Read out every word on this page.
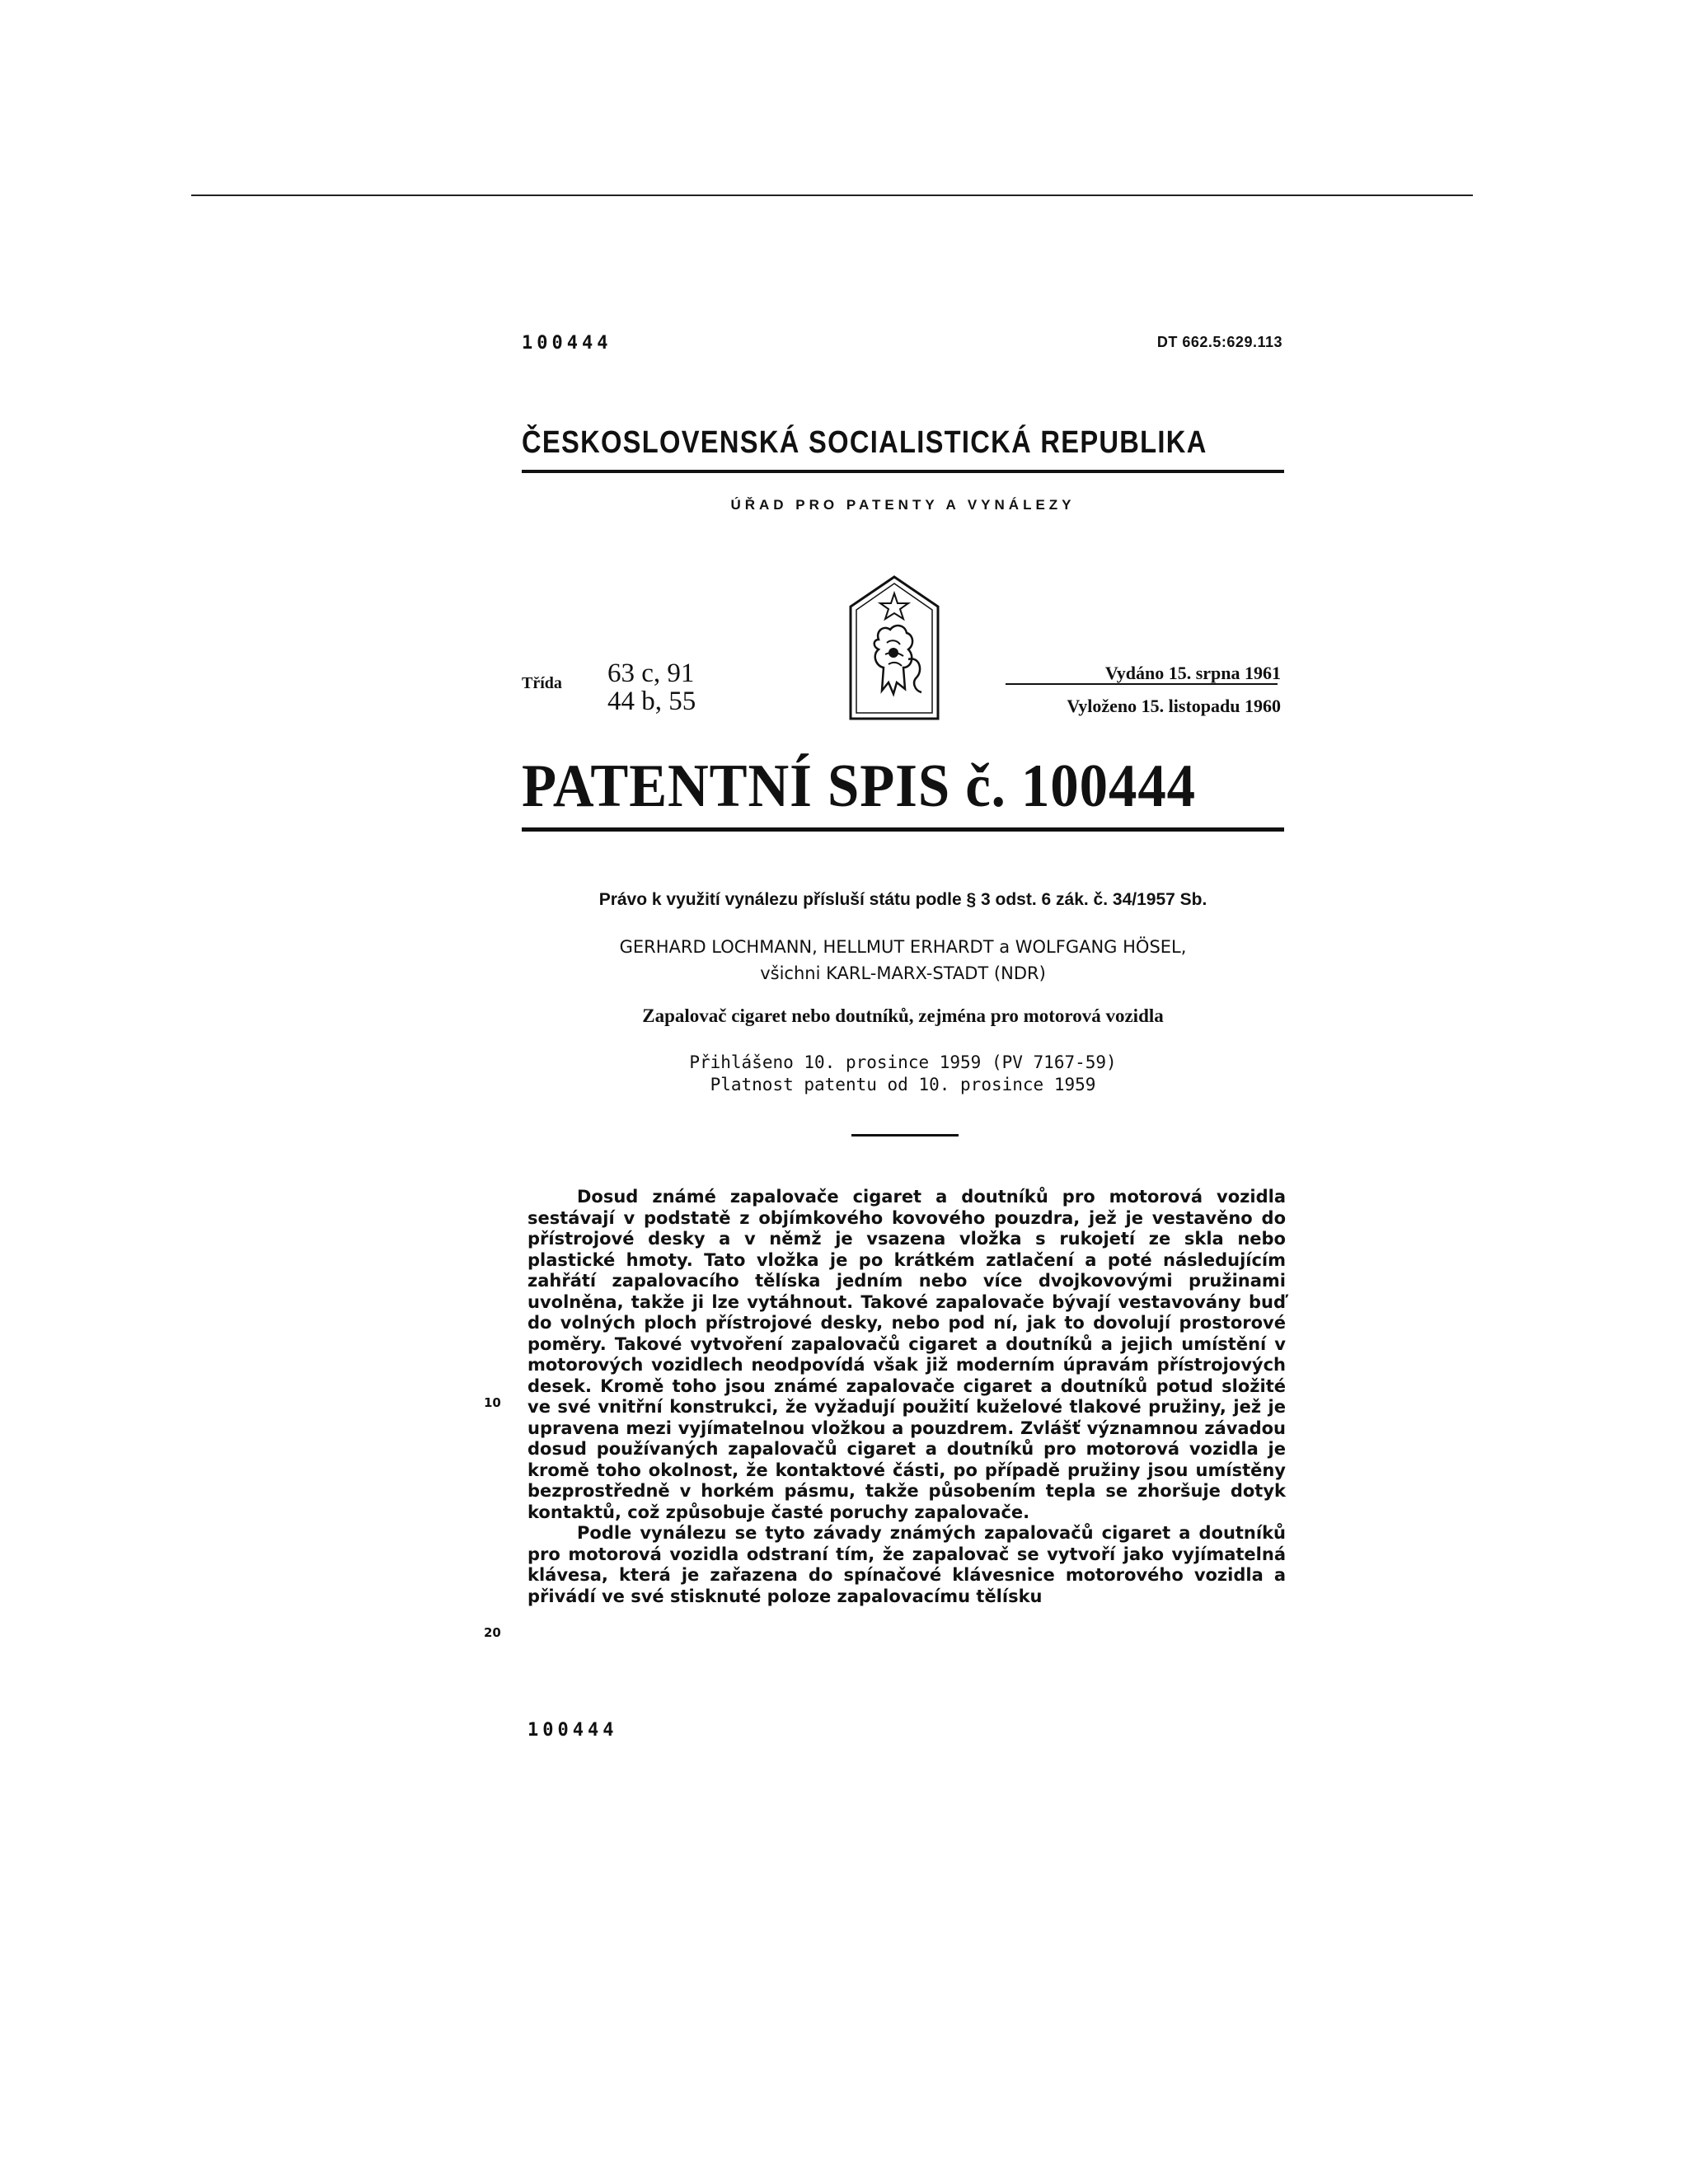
100444	DT 662.5:629.113
ČESKOSLOVENSKÁ SOCIALISTICKÁ REPUBLIKA
ÚŘAD PRO PATENTY A VYNÁLEZY
Třída 63 c, 91
44 b, 55
Vydáno 15. srpna 1961
Vyloženo 15. listopadu 1960
PATENTNÍ SPIS č. 100444
Právo k využití vynálezu přísluší státu podle § 3 odst. 6 zák. č. 34/1957 Sb.
GERHARD LOCHMANN, HELLMUT ERHARDT a WOLFGANG HÖSEL,
všichni KARL-MARX-STADT (NDR)
Zapalovač cigaret nebo doutníků, zejména pro motorová vozidla
Přihlášeno 10. prosince 1959 (PV 7167-59)
Platnost patentu od 10. prosince 1959

Dosud známé zapalovače cigaret a doutníků pro motorová vozidla sestávají v podstatě z objímkového kovového pouzdra, jež je vestavěno do přístrojové desky a v němž je vsazena vložka s rukojetí ze skla nebo plastické hmoty. Tato vložka je po krátkém zatlačení a poté následujícím zahřátí zapalovacího tělíska jedním nebo více dvojkovovými pružinami uvolněna, takže ji lze vytáhnout. Takové zapalovače bývají vestavovány buď do volných ploch přístrojové desky, nebo pod ní, jak to dovolují prostorové poměry. Takové vytvoření zapalovačů cigaret a doutníků a jejich umístění v motorových vozidlech neodpovídá však již moderním úpravám přístrojových desek. Kromě toho jsou známé zapalovače cigaret a doutníků potud složité ve své vnitřní konstrukci, že vyžadují použití kuželové tlakové pružiny, jež je upravena mezi vyjímatelnou vložkou a pouzdrem. Zvlášť významnou závadou dosud používaných zapalovačů cigaret a doutníků pro motorová vozidla je kromě toho okolnost, že kontaktové části, po případě pružiny jsou umístěny bezprostředně v horkém pásmu, takže působením tepla se zhoršuje dotyk kontaktů, což způsobuje časté poruchy zapalovače.

Podle vynálezu se tyto závady známých zapalovačů cigaret a doutníků pro motorová vozidla odstraní tím, že zapalovač se vytvoří jako vyjímatelná klávesa, která je zařazena do spínačové klávesnice motorového vozidla a přivádí ve své stisknuté poloze zapalovacímu tělísku

10
20
100444
